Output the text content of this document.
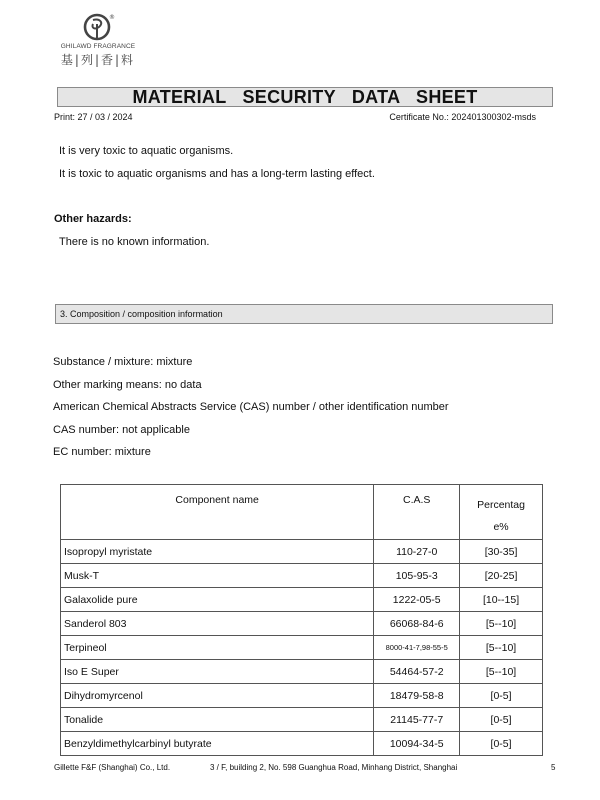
®
GHILAWD FRAGRANCE
基|列|香|料
MATERIAL SECURITY DATA SHEET
Print: 27 / 03 / 2024	Certificate No.: 202401300302-msds
It is very toxic to aquatic organisms.
It is toxic to aquatic organisms and has a long-term lasting effect.
Other hazards:
There is no known information.
3. Composition / composition information
Substance / mixture: mixture
Other marking means: no data
American Chemical Abstracts Service (CAS) number / other identification number
CAS number: not applicable
EC number: mixture
Component name	C.A.S	Percentag
e%
Isopropyl myristate	110-27-0	[30-35]
Musk-T	105-95-3	[20-25]
Galaxolide pure	1222-05-5	[10--15]
Sanderol 803	66068-84-6	[5--10]
Terpineol	8000-41-7,98-55-5	[5--10]
Iso E Super	54464-57-2	[5--10]
Dihydromyrcenol	18479-58-8	[0-5]
Tonalide	21145-77-7	[0-5]
Benzyldimethylcarbinyl butyrate	10094-34-5	[0-5]
Gillette F&F (Shanghai) Co., Ltd.	3 / F, building 2, No. 598 Guanghua Road, Minhang District, Shanghai	5
